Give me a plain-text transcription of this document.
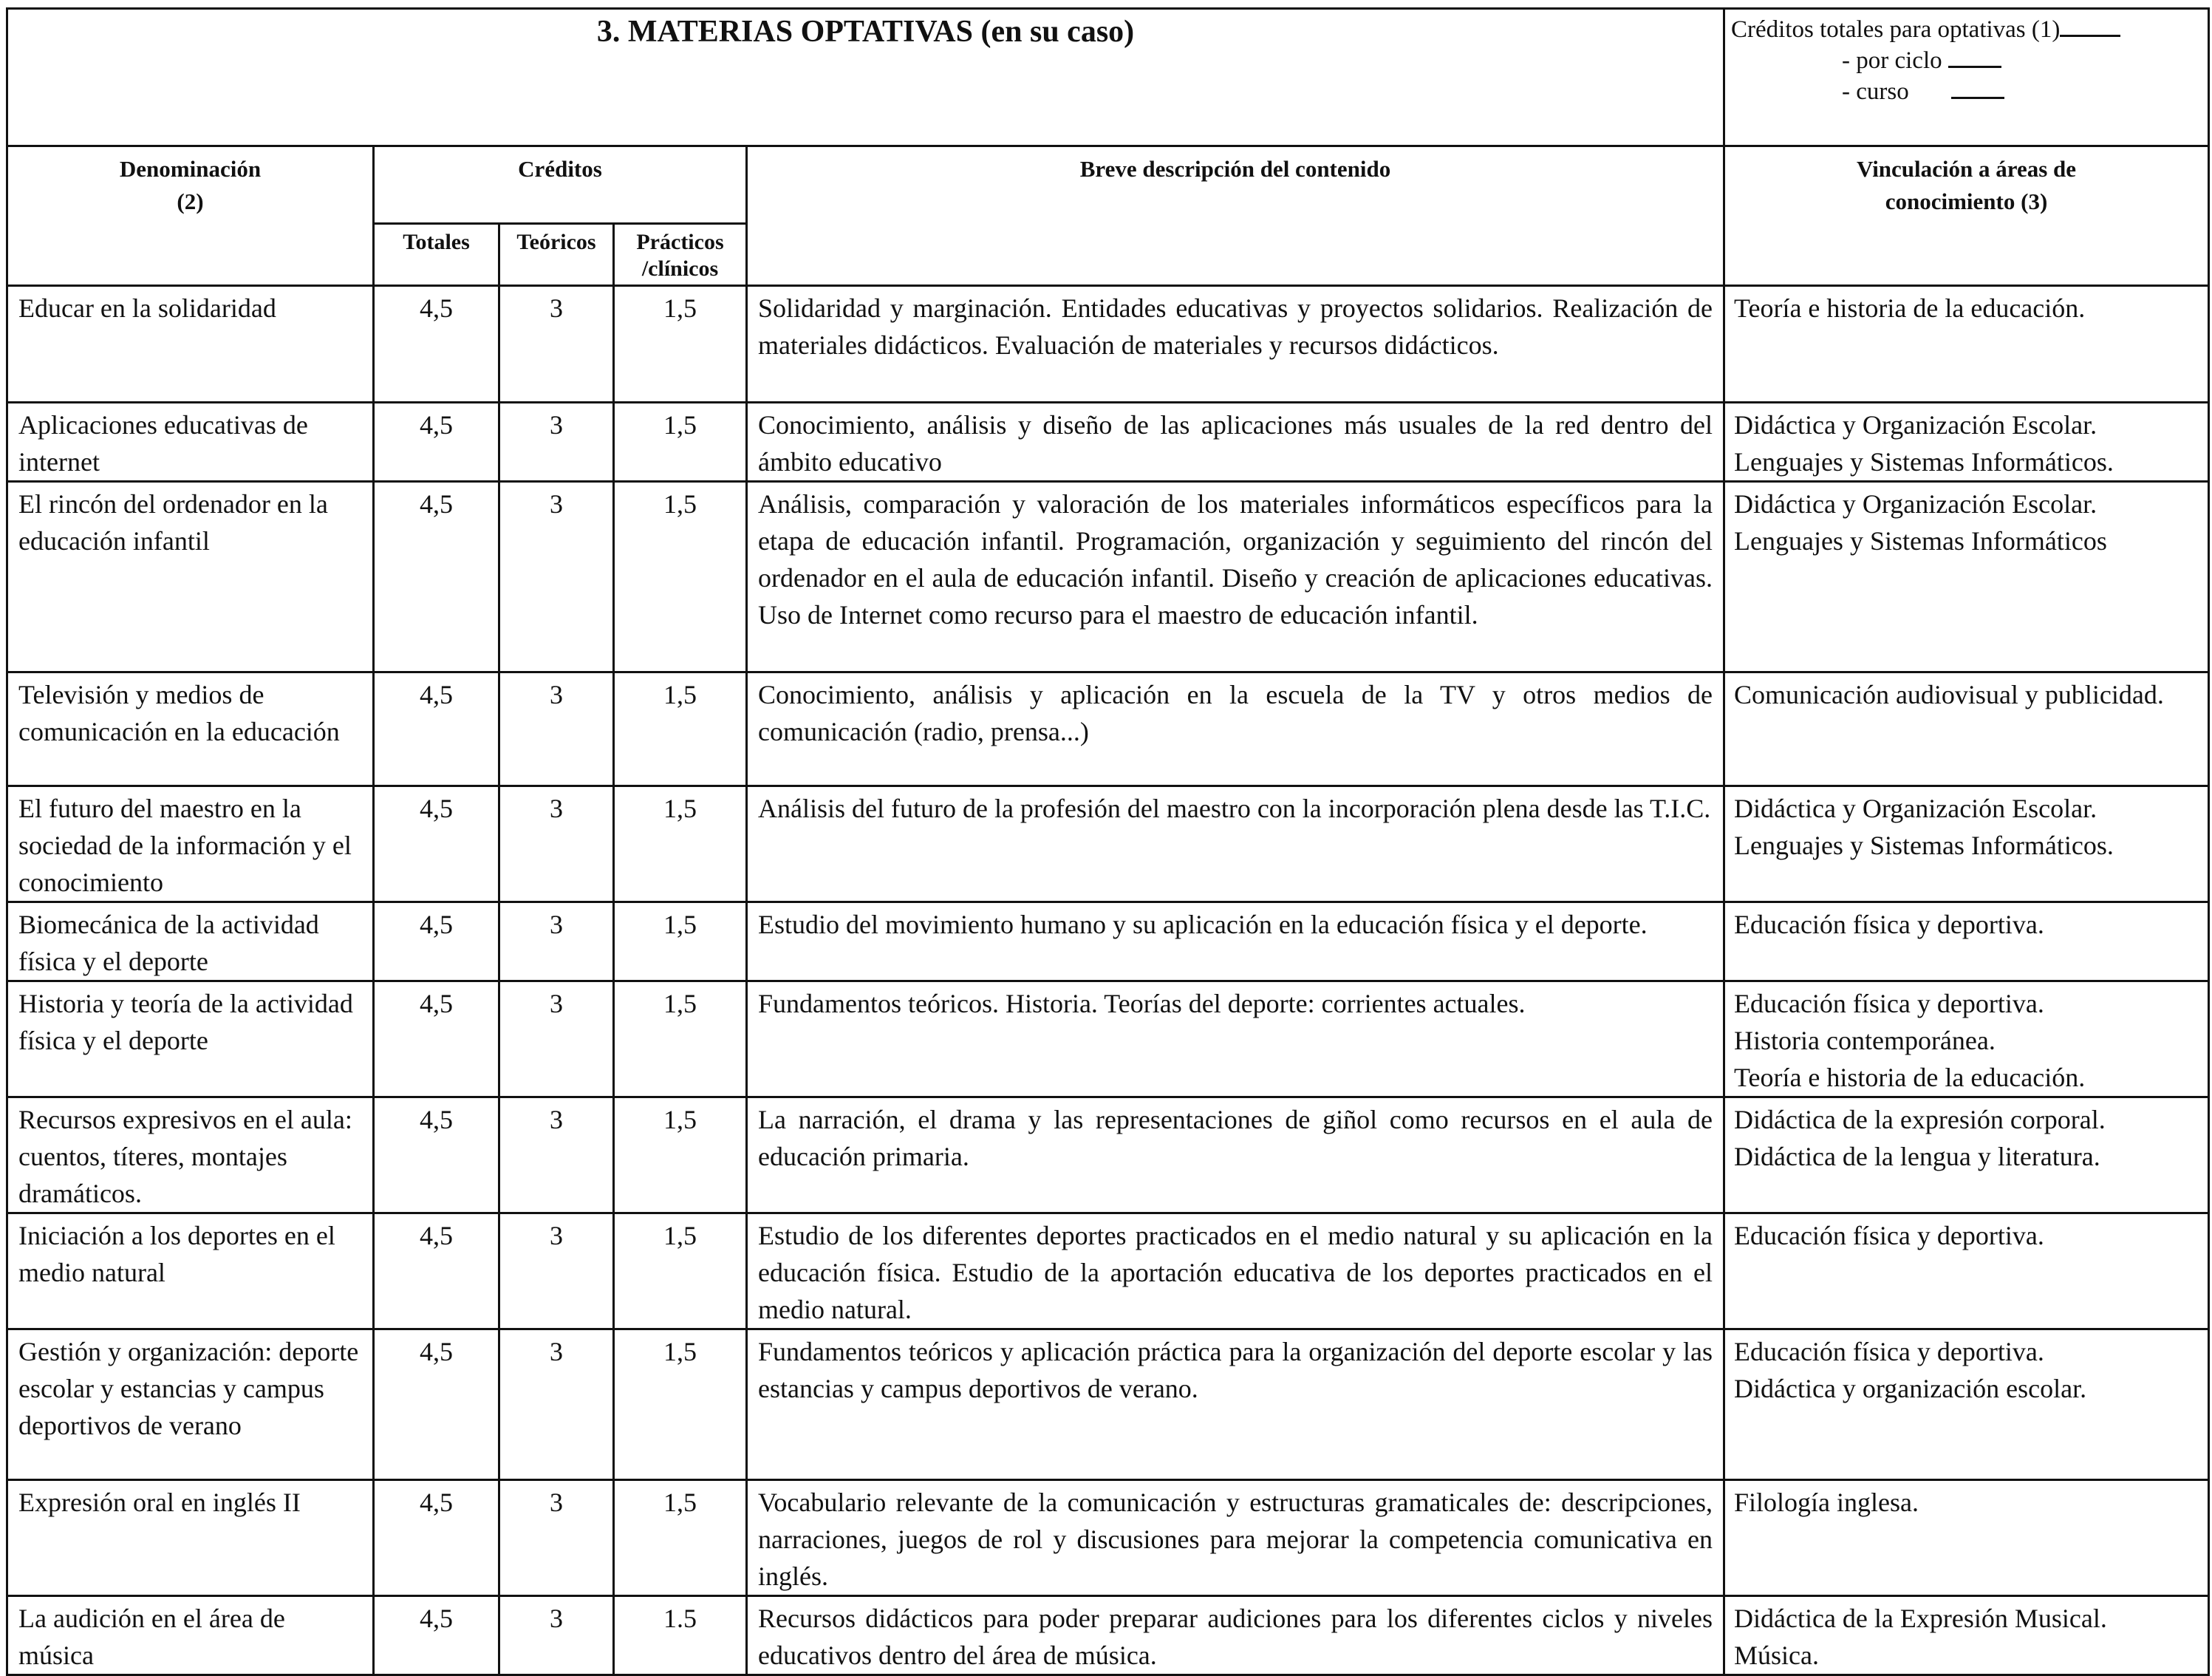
3. MATERIAS OPTATIVAS (en su caso)					Créditos totales para optativas (1)
- por ciclo
- curso

Denominación
(2)	Créditos			Breve descripción del contenido	Vinculación a áreas de
conocimiento (3)
	Totales	Teóricos	Prácticos
/clínicos		
Educar en la solidaridad	4,5	3	1,5	Solidaridad y marginación. Entidades educativas y proyectos solidarios. Realización de materiales didácticos. Evaluación de materiales y recursos didácticos.	Teoría e historia de la educación.
Aplicaciones educativas de internet	4,5	3	1,5	Conocimiento, análisis y diseño de las aplicaciones más usuales de la red dentro del ámbito educativo	Didáctica y Organización Escolar.
Lenguajes y Sistemas Informáticos.
El rincón del ordenador en la educación infantil	4,5	3	1,5	Análisis, comparación y valoración de los materiales informáticos específicos para la etapa de educación infantil. Programación, organización y seguimiento del rincón del ordenador en el aula de educación infantil. Diseño y creación de aplicaciones educativas. Uso de Internet como recurso para el maestro de educación infantil.	Didáctica y Organización Escolar.
Lenguajes y Sistemas Informáticos
Televisión y medios de comunicación en la educación	4,5	3	1,5	Conocimiento, análisis y aplicación en la escuela de la TV y otros medios de comunicación (radio, prensa...)	Comunicación audiovisual y publicidad.
El futuro del maestro en la sociedad de la información y el conocimiento	4,5	3	1,5	Análisis del futuro de la profesión del maestro con la incorporación plena desde las T.I.C.	Didáctica y Organización Escolar.
Lenguajes y Sistemas Informáticos.
Biomecánica de la actividad física y el deporte	4,5	3	1,5	Estudio del movimiento humano y su aplicación en la educación física y el deporte.	Educación física y deportiva.
Historia y teoría de la actividad física y el deporte	4,5	3	1,5	Fundamentos teóricos. Historia. Teorías del deporte: corrientes actuales.	Educación física y deportiva.
Historia contemporánea.
Teoría e historia de la educación.
Recursos expresivos en el aula: cuentos, títeres, montajes dramáticos.	4,5	3	1,5	La narración, el drama y las representaciones de giñol como recursos en el aula de educación primaria.	Didáctica de la expresión corporal.
Didáctica de la lengua y literatura.
Iniciación a los deportes en el medio natural	4,5	3	1,5	Estudio de los diferentes deportes practicados en el medio natural y su aplicación en la educación física. Estudio de la aportación educativa de los deportes practicados en el medio natural.	Educación física y deportiva.
Gestión y organización: deporte escolar y estancias y campus deportivos de verano	4,5	3	1,5	Fundamentos teóricos y aplicación práctica para la organización del deporte escolar y las estancias y campus deportivos de verano.	Educación física y deportiva.
Didáctica y organización escolar.
Expresión oral en inglés II	4,5	3	1,5	Vocabulario relevante de la comunicación y estructuras gramaticales de: descripciones, narraciones, juegos de rol y discusiones para mejorar la competencia comunicativa en inglés.	Filología inglesa.
La audición en el área de música	4,5	3	1.5	Recursos didácticos para poder preparar audiciones para los diferentes ciclos y niveles educativos dentro del área de música.	Didáctica de la Expresión Musical.
Música.
